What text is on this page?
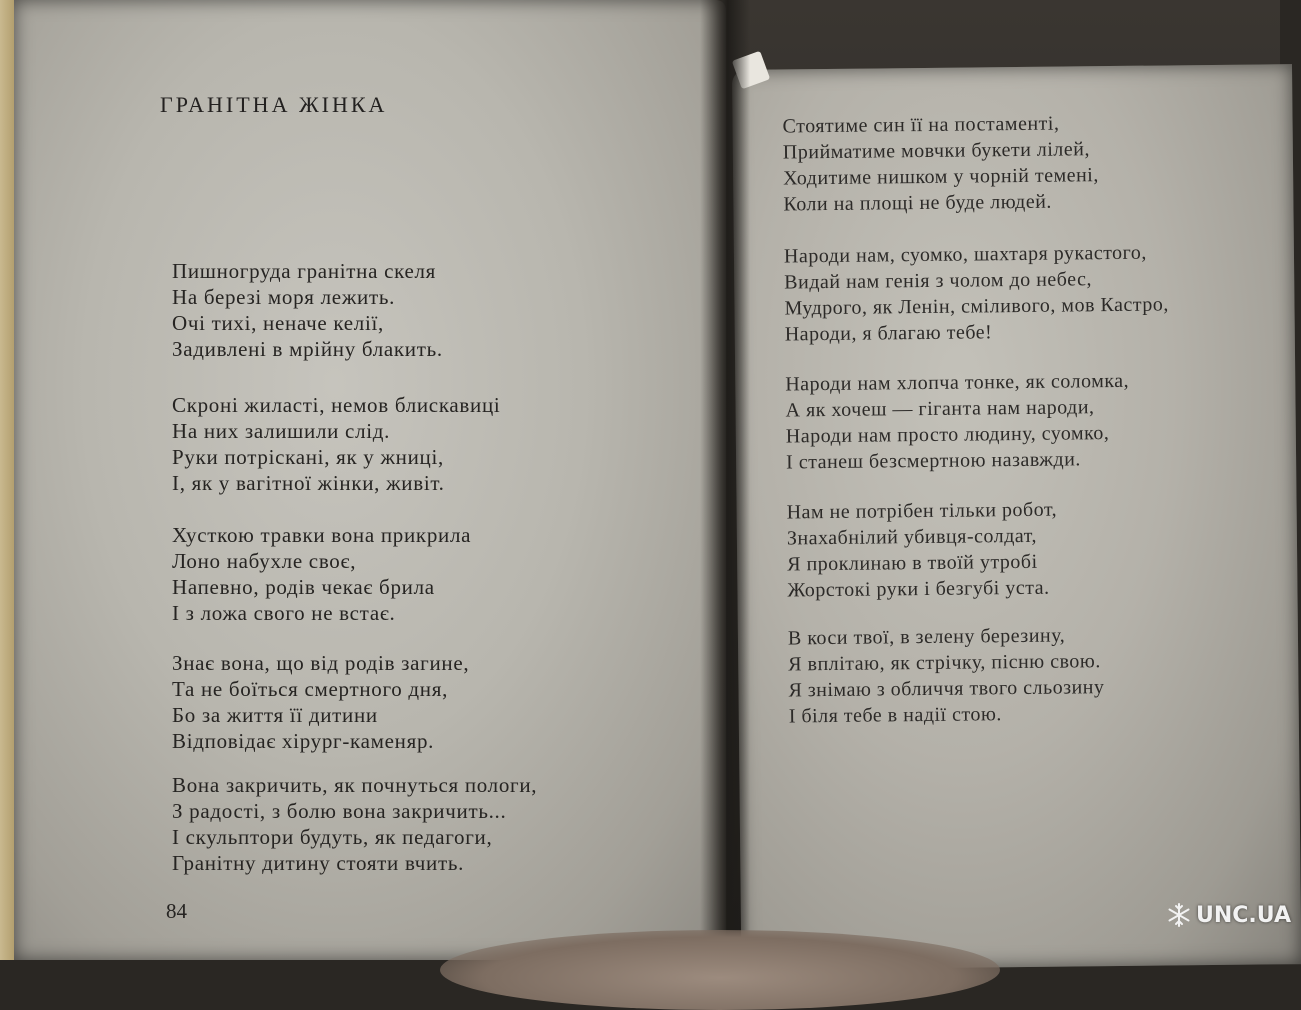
ГРАНІТНА ЖІНКА
Пишногруда гранітна скеля
На березі моря лежить.
Очі тихі, неначе келії,
Задивлені в мрійну блакить.
Скроні жиласті, немов блискавиці
На них залишили слід.
Руки потріскані, як у жниці,
І, як у вагітної жінки, живіт.
Хусткою травки вона прикрила
Лоно набухле своє,
Напевно, родів чекає брила
І з ложа свого не встає.
Знає вона, що від родів загине,
Та не боїться смертного дня,
Бо за життя її дитини
Відповідає хірург-каменяр.
Вона закричить, як почнуться пологи,
З радості, з болю вона закричить...
І скульптори будуть, як педагоги,
Гранітну дитину стояти вчить.
84
Стоятиме син її на постаменті,
Прийматиме мовчки букети лілей,
Ходитиме нишком у чорній темені,
Коли на площі не буде людей.
Народи нам, суомко, шахтаря рукастого,
Видай нам генія з чолом до небес,
Мудрого, як Ленін, сміливого, мов Кастро,
Народи, я благаю тебе!
Народи нам хлопча тонке, як соломка,
А як хочеш — гіганта нам народи,
Народи нам просто людину, суомко,
І станеш безсмертною назавжди.
Нам не потрібен тільки робот,
Знахабнілий убивця-солдат,
Я проклинаю в твоїй утробі
Жорстокі руки і безгубі уста.
В коси твої, в зелену березину,
Я вплітаю, як стрічку, пісню свою.
Я знімаю з обличчя твого сльозину
І біля тебе в надії стою.
UNC.UA
